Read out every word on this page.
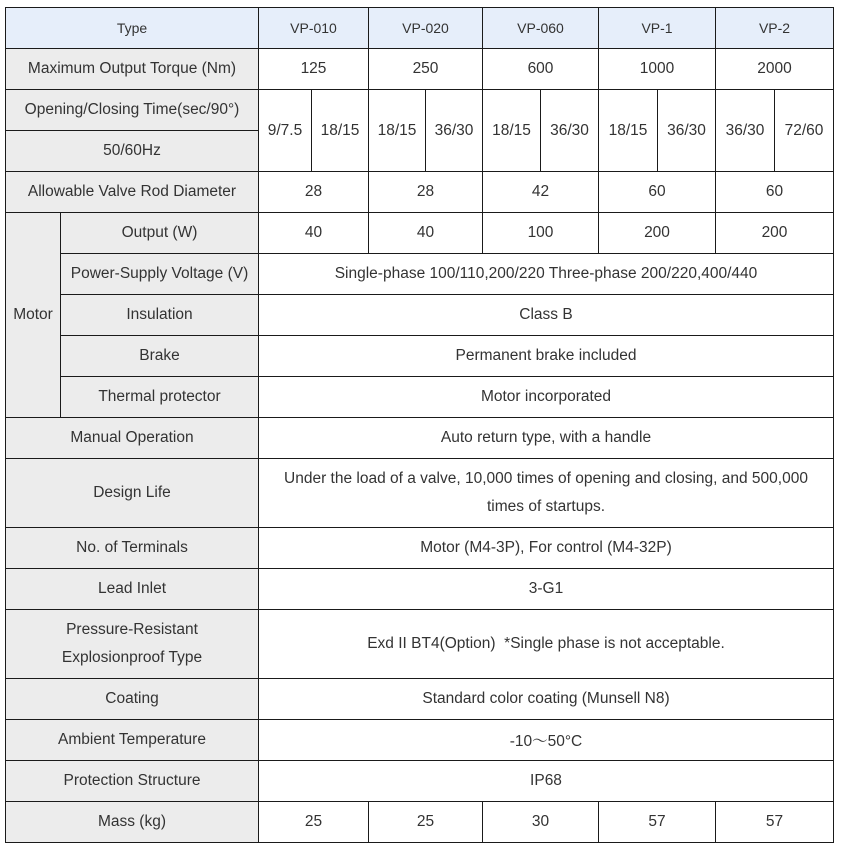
Type		VP-010		VP-020		VP-060		VP-1		VP-2	
Maximum Output Torque (Nm)		125		250		600		1000		2000	
Opening/Closing Time(sec/90°)		9/7.5	18/15	18/15	36/30	18/15	36/30	18/15	36/30	36/30	72/60
50/60Hz											
Allowable Valve Rod Diameter		28		28		42		60		60	
Motor	Output (W)	40		40		100		200		200	
	Power-Supply Voltage (V)	Single-phase 100/110,200/220 Three-phase 200/220,400/440									
	Insulation	Class B									
	Brake	Permanent brake included									
	Thermal protector	Motor incorporated									
Manual Operation		Auto return type, with a handle									
Design Life		Under the load of a valve, 10,000 times of opening and closing, and 500,000 times of startups.									
No. of Terminals		Motor (M4-3P), For control (M4-32P)									
Lead Inlet		3-G1									
Pressure-Resistant
Explosionproof Type		Exd II BT4(Option)  *Single phase is not acceptable.									
Coating		Standard color coating (Munsell N8)									
Ambient Temperature		-10～50°C									
Protection Structure		IP68									
Mass (kg)		25		25		30		57		57	
